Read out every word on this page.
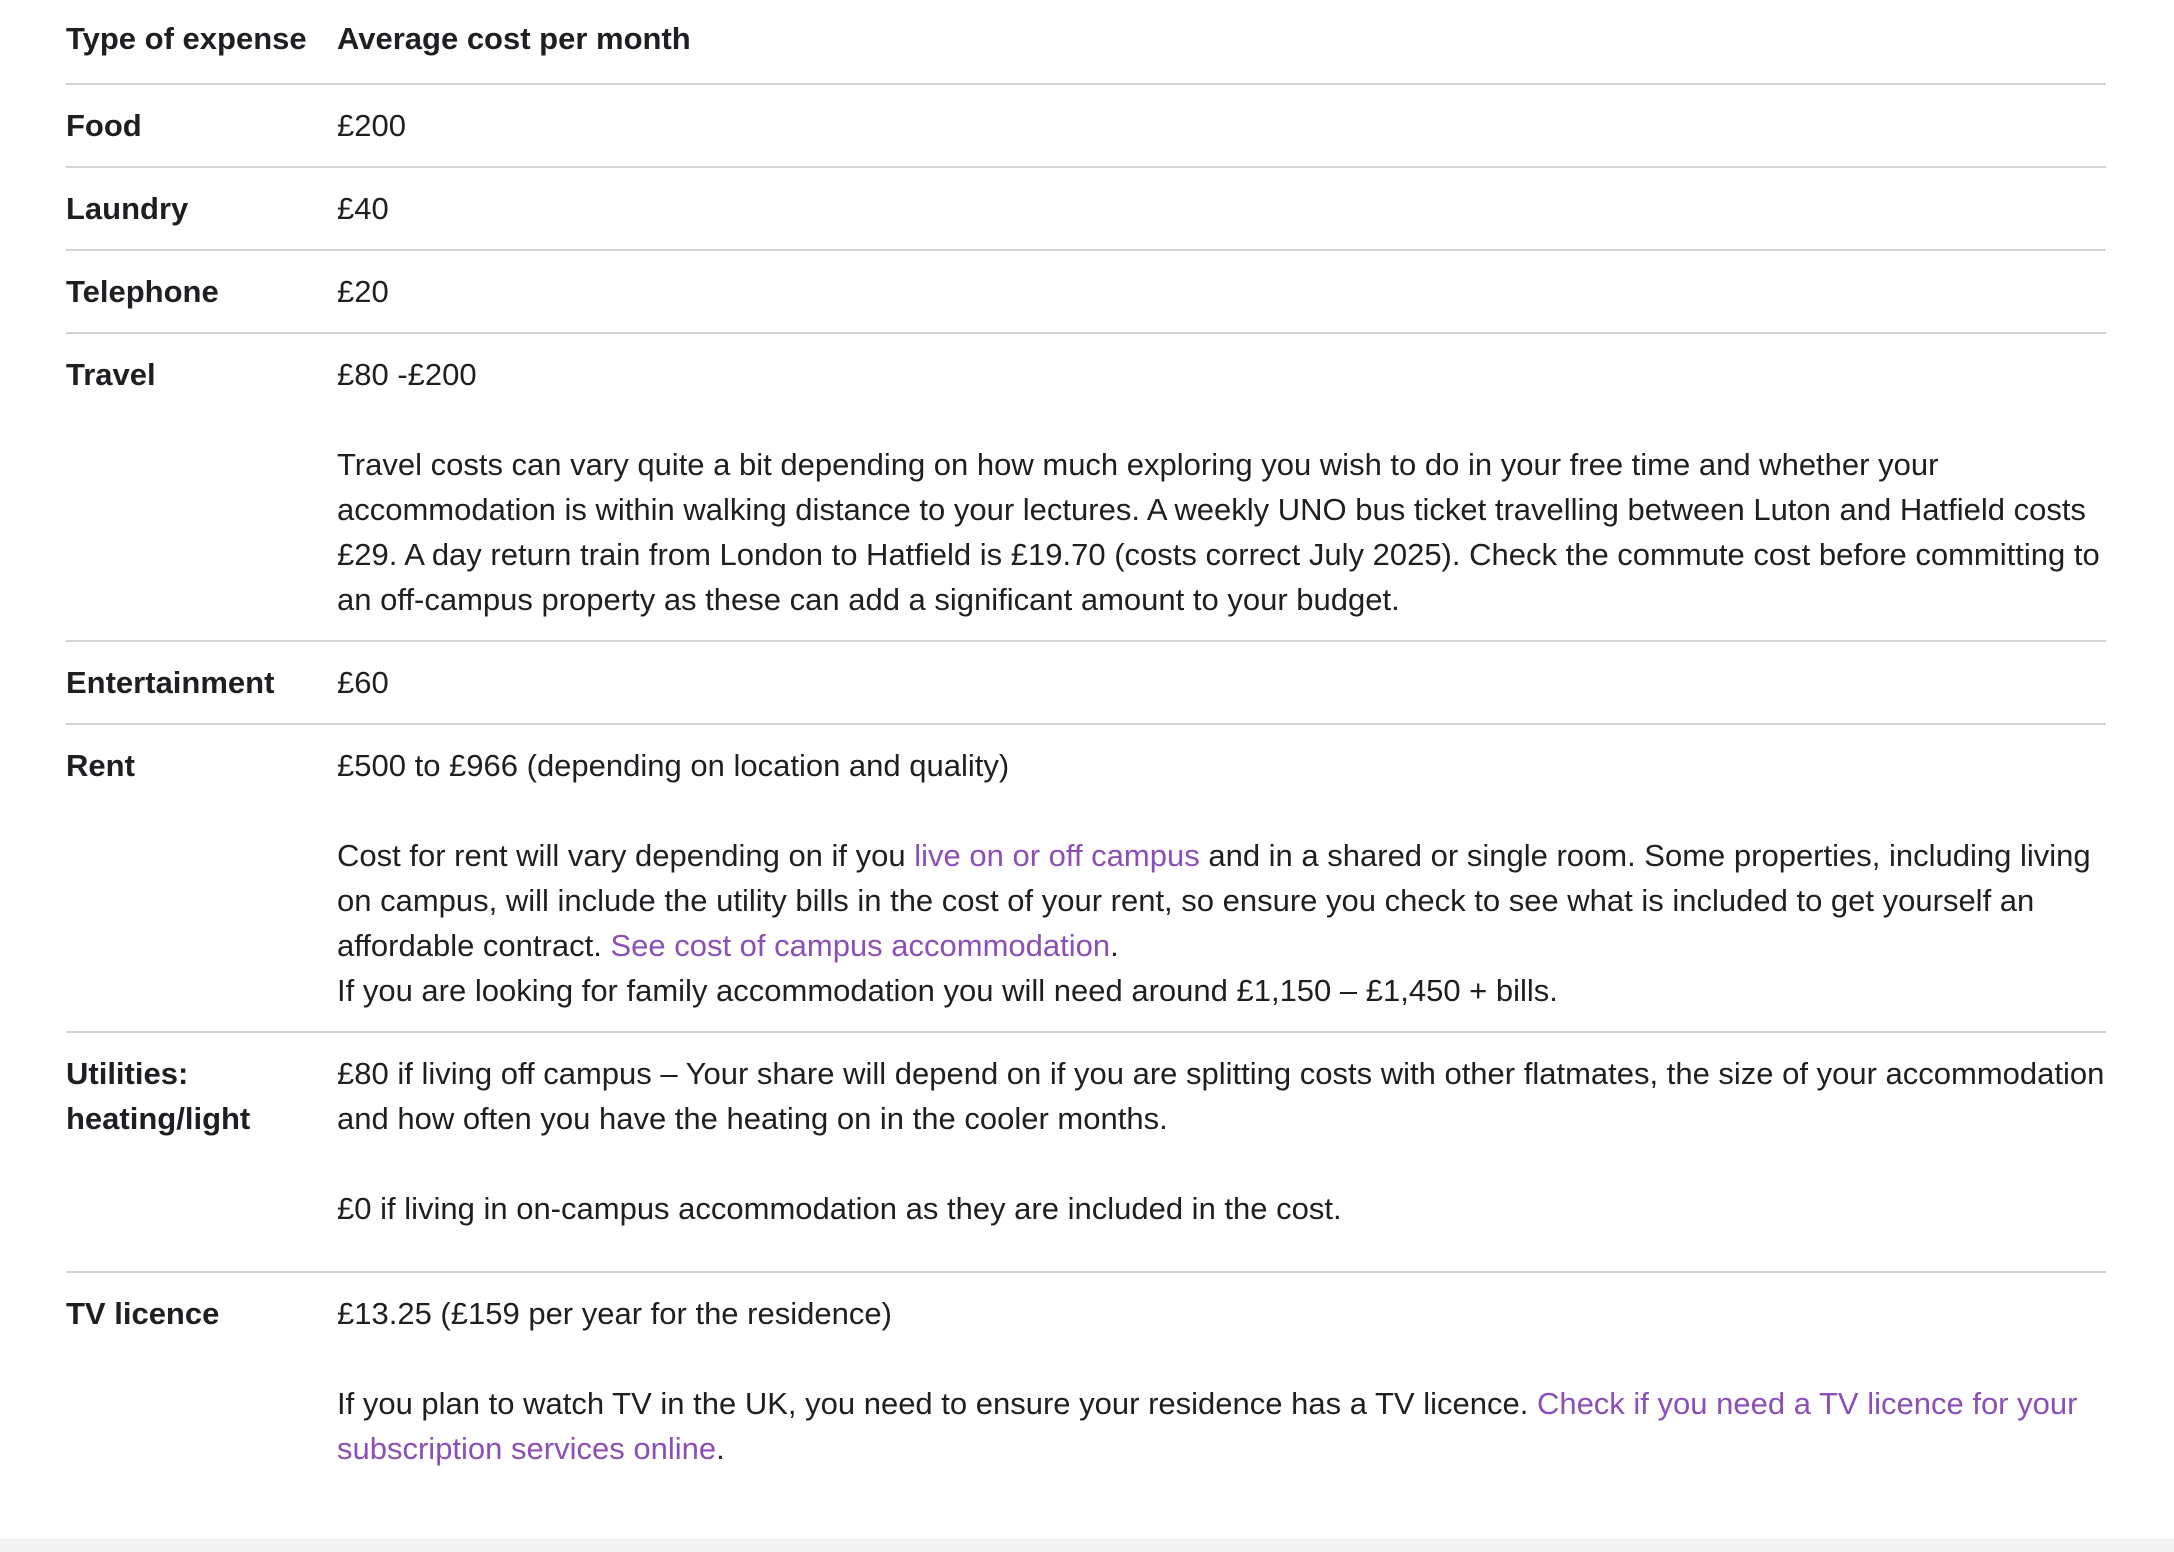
Type of expense	Average cost per month
Food	£200
Laundry	£40
Telephone	£20
Travel	£80 -£200

Travel costs can vary quite a bit depending on how much exploring you wish to do in your free time and whether your accommodation is within walking distance to your lectures. A weekly UNO bus ticket travelling between Luton and Hatfield costs £29. A day return train from London to Hatfield is £19.70 (costs correct July 2025). Check the commute cost before committing to an off-campus property as these can add a significant amount to your budget.

Entertainment	£60
Rent	£500 to £966 (depending on location and quality)

Cost for rent will vary depending on if you live on or off campus and in a shared or single room. Some properties, including living on campus, will include the utility bills in the cost of your rent, so ensure you check to see what is included to get yourself an affordable contract. See cost of campus accommodation.

If you are looking for family accommodation you will need around £1,150 – £1,450 + bills.

Utilities: heating/light	£80 if living off campus – Your share will depend on if you are splitting costs with other flatmates, the size of your accommodation and how often you have the heating on in the cooler months.

£0 if living in on-campus accommodation as they are included in the cost.

TV licence	£13.25 (£159 per year for the residence)

If you plan to watch TV in the UK, you need to ensure your residence has a TV licence. Check if you need a TV licence for your subscription services online.
